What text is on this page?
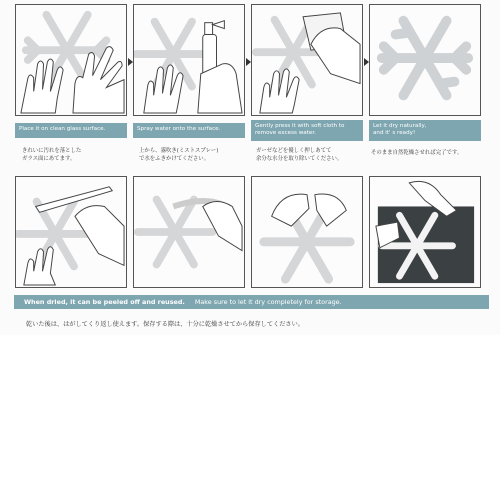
Place it on clean glass surface.	Spray water onto the surface.	Gently press it with soft cloth to
remove excess water.
Let it dry naturally,
and it' s ready!
きれいに汚れを落とした
ガラス面にあてます。
上から、霧吹き(ミストスプレー)
で水をふきかけてください。
ガーゼなどを優しく押しあてて
余分な水分を取り除いてください。
そのまま自然乾燥させれば完了です。
When dried, it can be peeled off and reused. Make sure to let it dry completely for storage.
乾いた後は、はがしてくり返し使えます。保存する際は、十分に乾燥させてから保存してください。
